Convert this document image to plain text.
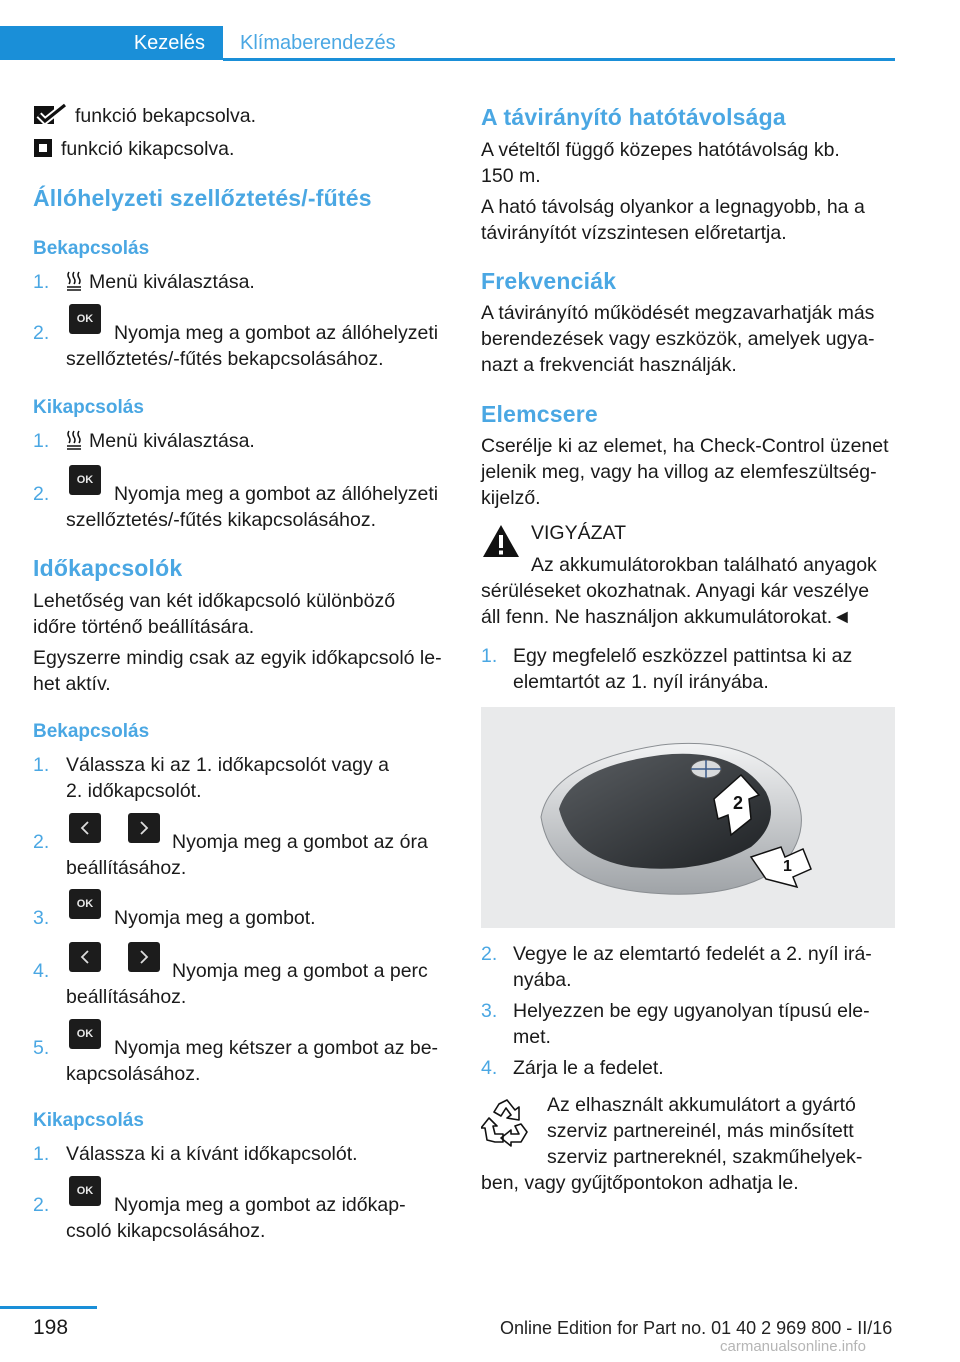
Kezelés	Klímaberendezés
funkció bekapcsolva.
funkció kikapcsolva.
Állóhelyzeti szellőztetés/-fűtés
Bekapcsolás
1. Menü kiválasztása.
2.
OK
Nyomja meg a gombot az állóhelyzeti
szellőztetés/-fűtés bekapcsolásához.
Kikapcsolás
1. Menü kiválasztása.
2.
OK
Nyomja meg a gombot az állóhelyzeti
szellőztetés/-fűtés kikapcsolásához.
Időkapcsolók
Lehetőség van két időkapcsoló különböző
időre történő beállítására.
Egyszerre mindig csak az egyik időkapcsoló le‐
het aktív.
Bekapcsolás
1. Válassza ki az 1. időkapcsolót vagy a
2. időkapcsolót.
2.	Nyomja meg a gombot az óra
beállításához.
3.
OK
Nyomja meg a gombot.
4.	Nyomja meg a gombot a perc
beállításához.
5.
OK
Nyomja meg kétszer a gombot az be‐
kapcsolásához.
Kikapcsolás
1. Válassza ki a kívánt időkapcsolót.
2.
OK
Nyomja meg a gombot az időkap‐
csoló kikapcsolásához.
A távirányító hatótávolsága
A vételtől függő közepes hatótávolság kb.
150 m.
A ható távolság olyankor a legnagyobb, ha a
távirányítót vízszintesen előretartja.
Frekvenciák
A távirányító működését megzavarhatják más
berendezések vagy eszközök, amelyek ugya‐
nazt a frekvenciát használják.
Elemcsere
Cserélje ki az elemet, ha Check-Control üzenet
jelenik meg, vagy ha villog az elemfeszültség‐
kijelző.
VIGYÁZAT
Az akkumulátorokban található anyagok
sérüléseket okozhatnak. Anyagi kár veszélye
áll fenn. Ne használjon akkumulátorokat.◄
1. Egy megfelelő eszközzel pattintsa ki az
elemtartót az 1. nyíl irányába.
2
1
2. Vegye le az elemtartó fedelét a 2. nyíl irá‐
nyába.
3. Helyezzen be egy ugyanolyan típusú ele‐
met.
4. Zárja le a fedelet.
Az elhasznált akkumulátort a gyártó
szerviz partnereinél, más minősített
szerviz partnereknél, szakműhelyek‐
ben, vagy gyűjtőpontokon adhatja le.
198	Online Edition for Part no. 01 40 2 969 800 - II/16
carmanualsonline.info
